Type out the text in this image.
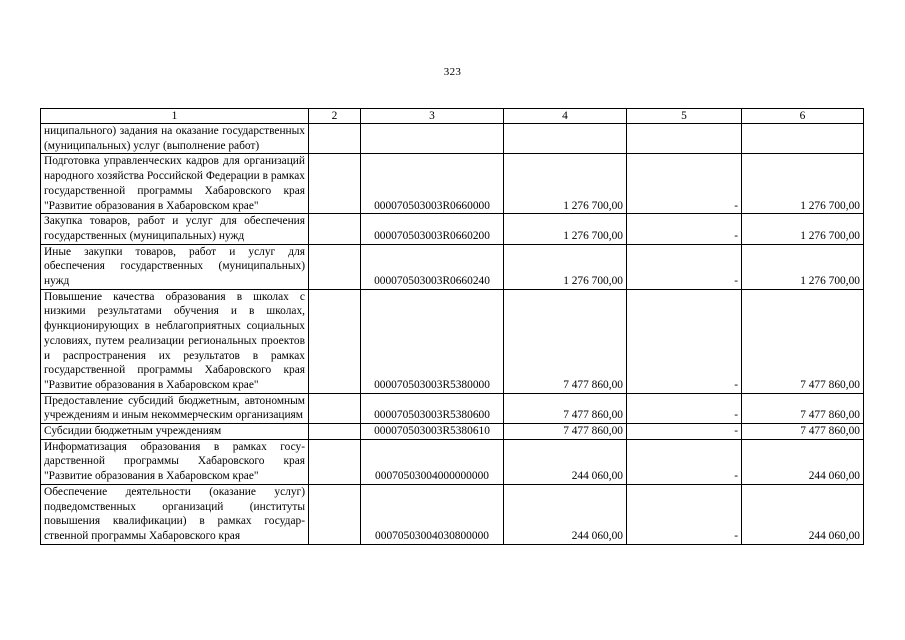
323
1	2	3	4	5	6
ниципального) задания на оказание государственных (муниципальных) услуг (выполнение работ)					
Подготовка управленческих кадров для организаций народного хозяйства Российской Федерации в рамках государственной программы Хабаровского края "Развитие образования в Хабаровском крае"		000070503003R0660000	1 276 700,00	-	1 276 700,00
Закупка товаров, работ и услуг для обеспечения государственных (муниципальных) нужд		000070503003R0660200	1 276 700,00	-	1 276 700,00
Иные закупки товаров, работ и услуг для обеспечения государственных (муниципальных) нужд		000070503003R0660240	1 276 700,00	-	1 276 700,00
Повышение качества образования в школах с низкими результатами обучения и в школах, функционирующих в неблагоприятных социальных условиях, путем реализации региональных проектов и распространения их результатов в рамках государственной программы Хабаровского края "Развитие образования в Хабаровском крае"		000070503003R5380000	7 477 860,00	-	7 477 860,00
Предоставление субсидий бюджетным, автономным учреждениям и иным некоммерческим организациям		000070503003R5380600	7 477 860,00	-	7 477 860,00
Субсидии бюджетным учреждениям		000070503003R5380610	7 477 860,00	-	7 477 860,00
Информатизация образования в рамках государственной программы Хабаровского края "Развитие образования в Хабаровском крае"		00070503004000000000	244 060,00	-	244 060,00
Обеспечение деятельности (оказание услуг) подведомственных организаций (институты повышения квалификации) в рамках государственной программы Хабаровского края		00070503004030800000	244 060,00	-	244 060,00
